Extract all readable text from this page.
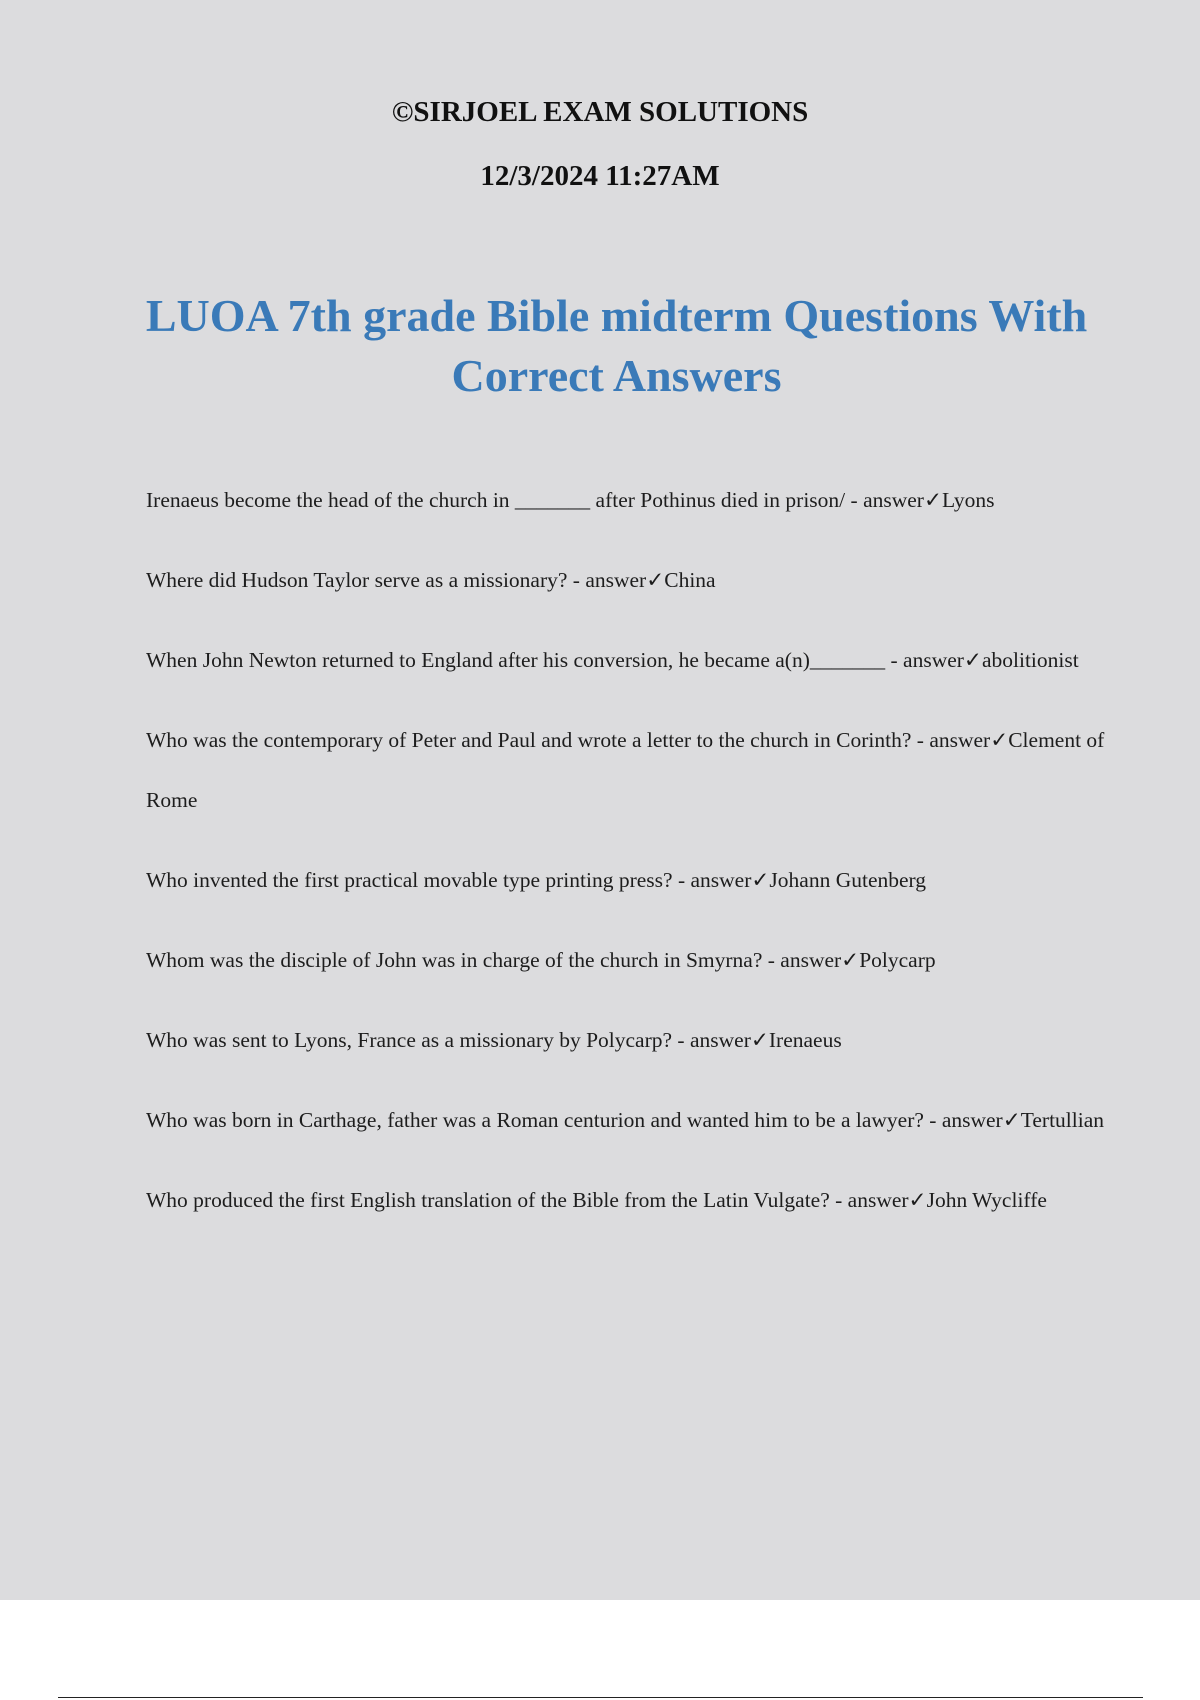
©SIRJOEL EXAM SOLUTIONS
12/3/2024 11:27AM
LUOA 7th grade Bible midterm Questions With Correct Answers
Irenaeus become the head of the church in _______ after Pothinus died in prison/ - answer✓Lyons
Where did Hudson Taylor serve as a missionary? - answer✓China
When John Newton returned to England after his conversion, he became a(n)_______ - answer✓abolitionist
Who was the contemporary of Peter and Paul and wrote a letter to the church in Corinth? - answer✓Clement of Rome
Who invented the first practical movable type printing press? - answer✓Johann Gutenberg
Whom was the disciple of John was in charge of the church in Smyrna? - answer✓Polycarp
Who was sent to Lyons, France as a missionary by Polycarp? - answer✓Irenaeus
Who was born in Carthage, father was a Roman centurion and wanted him to be a lawyer? - answer✓Tertullian
Who produced the first English translation of the Bible from the Latin Vulgate? - answer✓John Wycliffe
